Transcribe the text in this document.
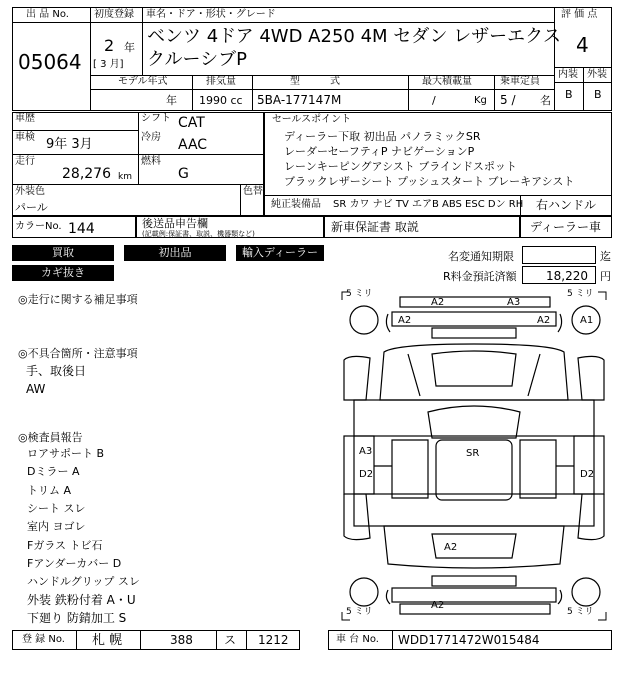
出 品 No.
05064
初度登録
2 年
[ 3 月]
車名・ドア・形状・グレード
ベンツ 4ドア 4WD A250 4M セダン レザーエクス
クルーシブP
評 価 点
4
内装 外装
B B
モデル年式	排気量	型　　　式	最大積載量	乗車定員
年 1990 cc 5BA-177147M	/	Kg 5 / 名
車歴	シフト CAT
車検 9年 3月	冷房 AAC
走行
28,276 km
燃料
G
外装色
パール
色替
セールスポイント
ディーラー下取 初出品 パノラミックSR
レーダーセーフティP ナビゲーションP
レーンキーピングアシスト ブラインドスポット
ブラックレザーシート プッシュスタート ブレーキアシスト
純正装備品 SR カワ ナビ TV エアB ABS ESC Dン RH 右ハンドル
カラーNo. 144	後送品申告欄
(記載例:保証書、取説、機器類など)	新車保証書 取説	ディーラー車
買取	初出品	輸入ディーラー
カギ抜き
名変通知期限	迄
R料金預託済額 18,220 円
◎走行に関する補足事項
◎不具合箇所・注意事項
手、取後日
AW
◎検査員報告
ロアサポート B
Dミラー A
トリム A
シート スレ
室内 ヨゴレ
Fガラス トビ石
Fアンダーカバー D
ハンドルグリップ スレ
外装 鉄粉付着 A・U
下廻り 防錆加工 S
5 ミリ	5 ミリ
5 ミリ	5 ミリ
A2	A3
A2	A2	A1
SR
A3
D2	D2
A2
A2
登 録 No. 札 幌	388	ス 1212	車 台 No. WDD1771472W015484
